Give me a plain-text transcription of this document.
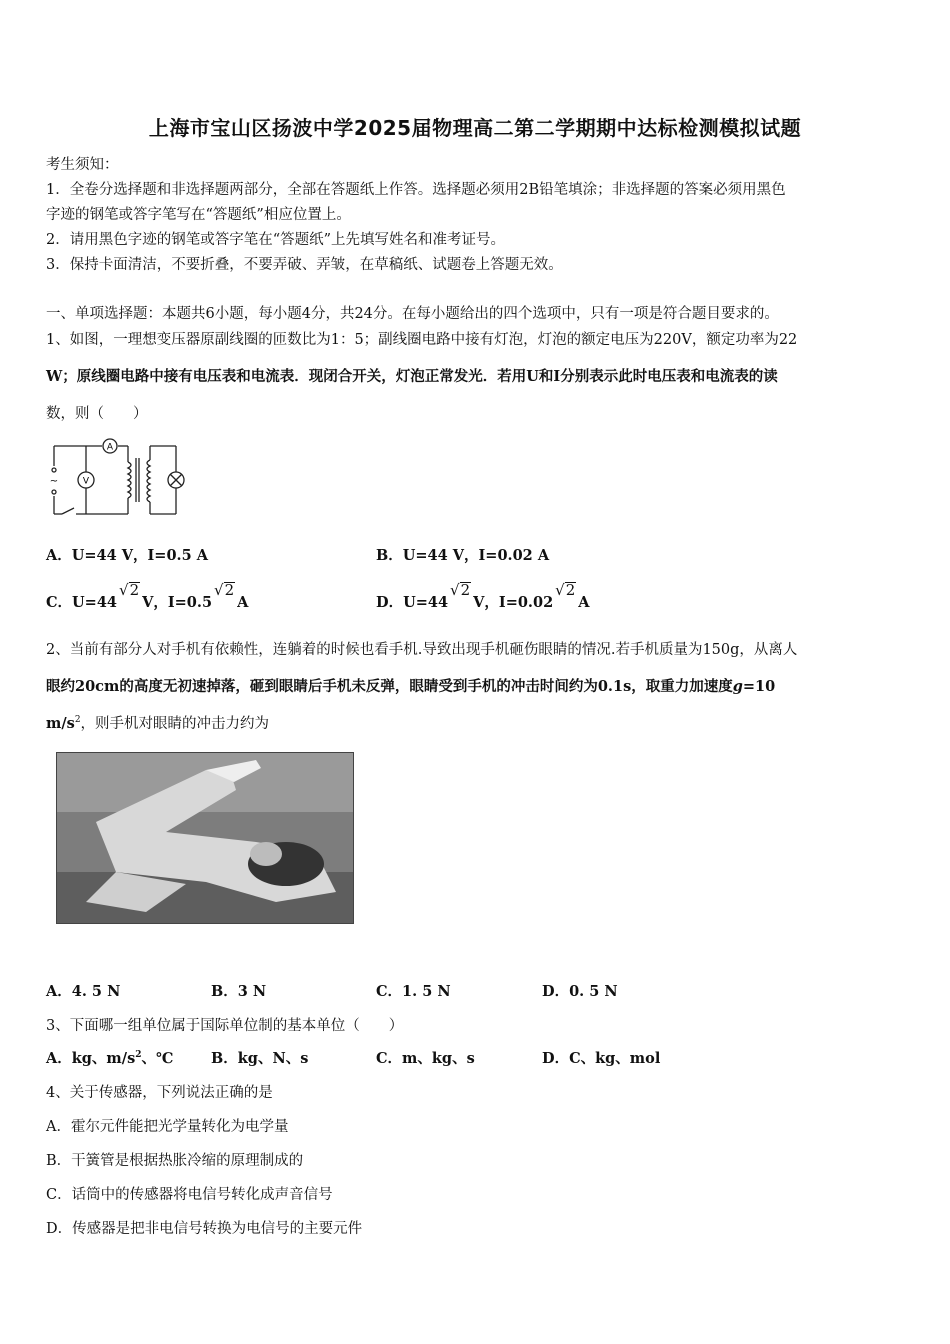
上海市宝山区扬波中学2025届物理高二第二学期期中达标检测模拟试题
考生须知：
1．全卷分选择题和非选择题两部分，全部在答题纸上作答。选择题必须用2B铅笔填涂；非选择题的答案必须用黑色
字迹的钢笔或答字笔写在“答题纸”相应位置上。
2．请用黑色字迹的钢笔或答字笔在“答题纸”上先填写姓名和准考证号。
3．保持卡面清洁，不要折叠，不要弄破、弄皱，在草稿纸、试题卷上答题无效。
一、单项选择题：本题共6小题，每小题4分，共24分。在每小题给出的四个选项中，只有一项是符合题目要求的。
1、如图，一理想变压器原副线圈的匝数比为1：5；副线圈电路中接有灯泡，灯泡的额定电压为220V，额定功率为22
W；原线圈电路中接有电压表和电流表．现闭合开关，灯泡正常发光．若用U和I分别表示此时电压表和电流表的读
数，则（　　）
A
V
~
A．U=44 V，I=0.5 A	B．U=44 V，I=0.02 A
C．U=44√2V，I=0.5√2A	D．U=44√2V，I=0.02√2A
2、当前有部分人对手机有依赖性，连躺着的时候也看手机.导致出现手机砸伤眼睛的情况.若手机质量为150g，从离人
眼约20cm的高度无初速掉落，砸到眼睛后手机未反弹，眼睛受到手机的冲击时间约为0.1s，取重力加速度g=10
$m/s^2$，则手机对眼睛的冲击力约为
A．4. 5 N	B．3 N	C．1. 5 N	D．0. 5 N
3、下面哪一组单位属于国际单位制的基本单位（　　）
A．kg、$m/s^2$、℃	B．kg、N、s	C．m、kg、s	D．C、kg、mol
4、关于传感器，下列说法正确的是
A．霍尔元件能把光学量转化为电学量
B．干簧管是根据热胀冷缩的原理制成的
C．话筒中的传感器将电信号转化成声音信号
D．传感器是把非电信号转换为电信号的主要元件
